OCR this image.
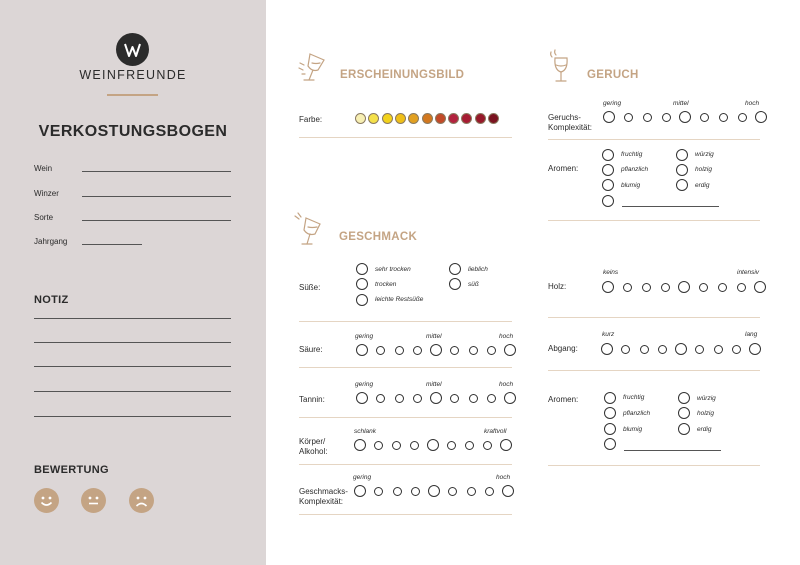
WEINFREUNDE
VERKOSTUNGSBOGEN
Wein
Winzer
Sorte
Jahrgang
NOTIZ
BEWERTUNG
ERSCHEINUNGSBILD
Farbe:
GERUCH
Geruchs-
Komplexität:
gering	mittel	hoch
Aromen:
fruchtig
pflanzlich
blumig
würzig
holzig
erdig
GESCHMACK
Süße:
sehr trocken
trocken
leichte Restsüße
lieblich
süß
Säure:
gering	mittel	hoch
Tannin:
gering	mittel	hoch
Körper/
Alkohol:
schlank	kraftvoll
Geschmacks-
Komplexität:
gering	hoch
Holz:
keins	intensiv
Abgang:
kurz	lang
Aromen:	fruchtig
pflanzlich
blumig
würzig
holzig
erdig
